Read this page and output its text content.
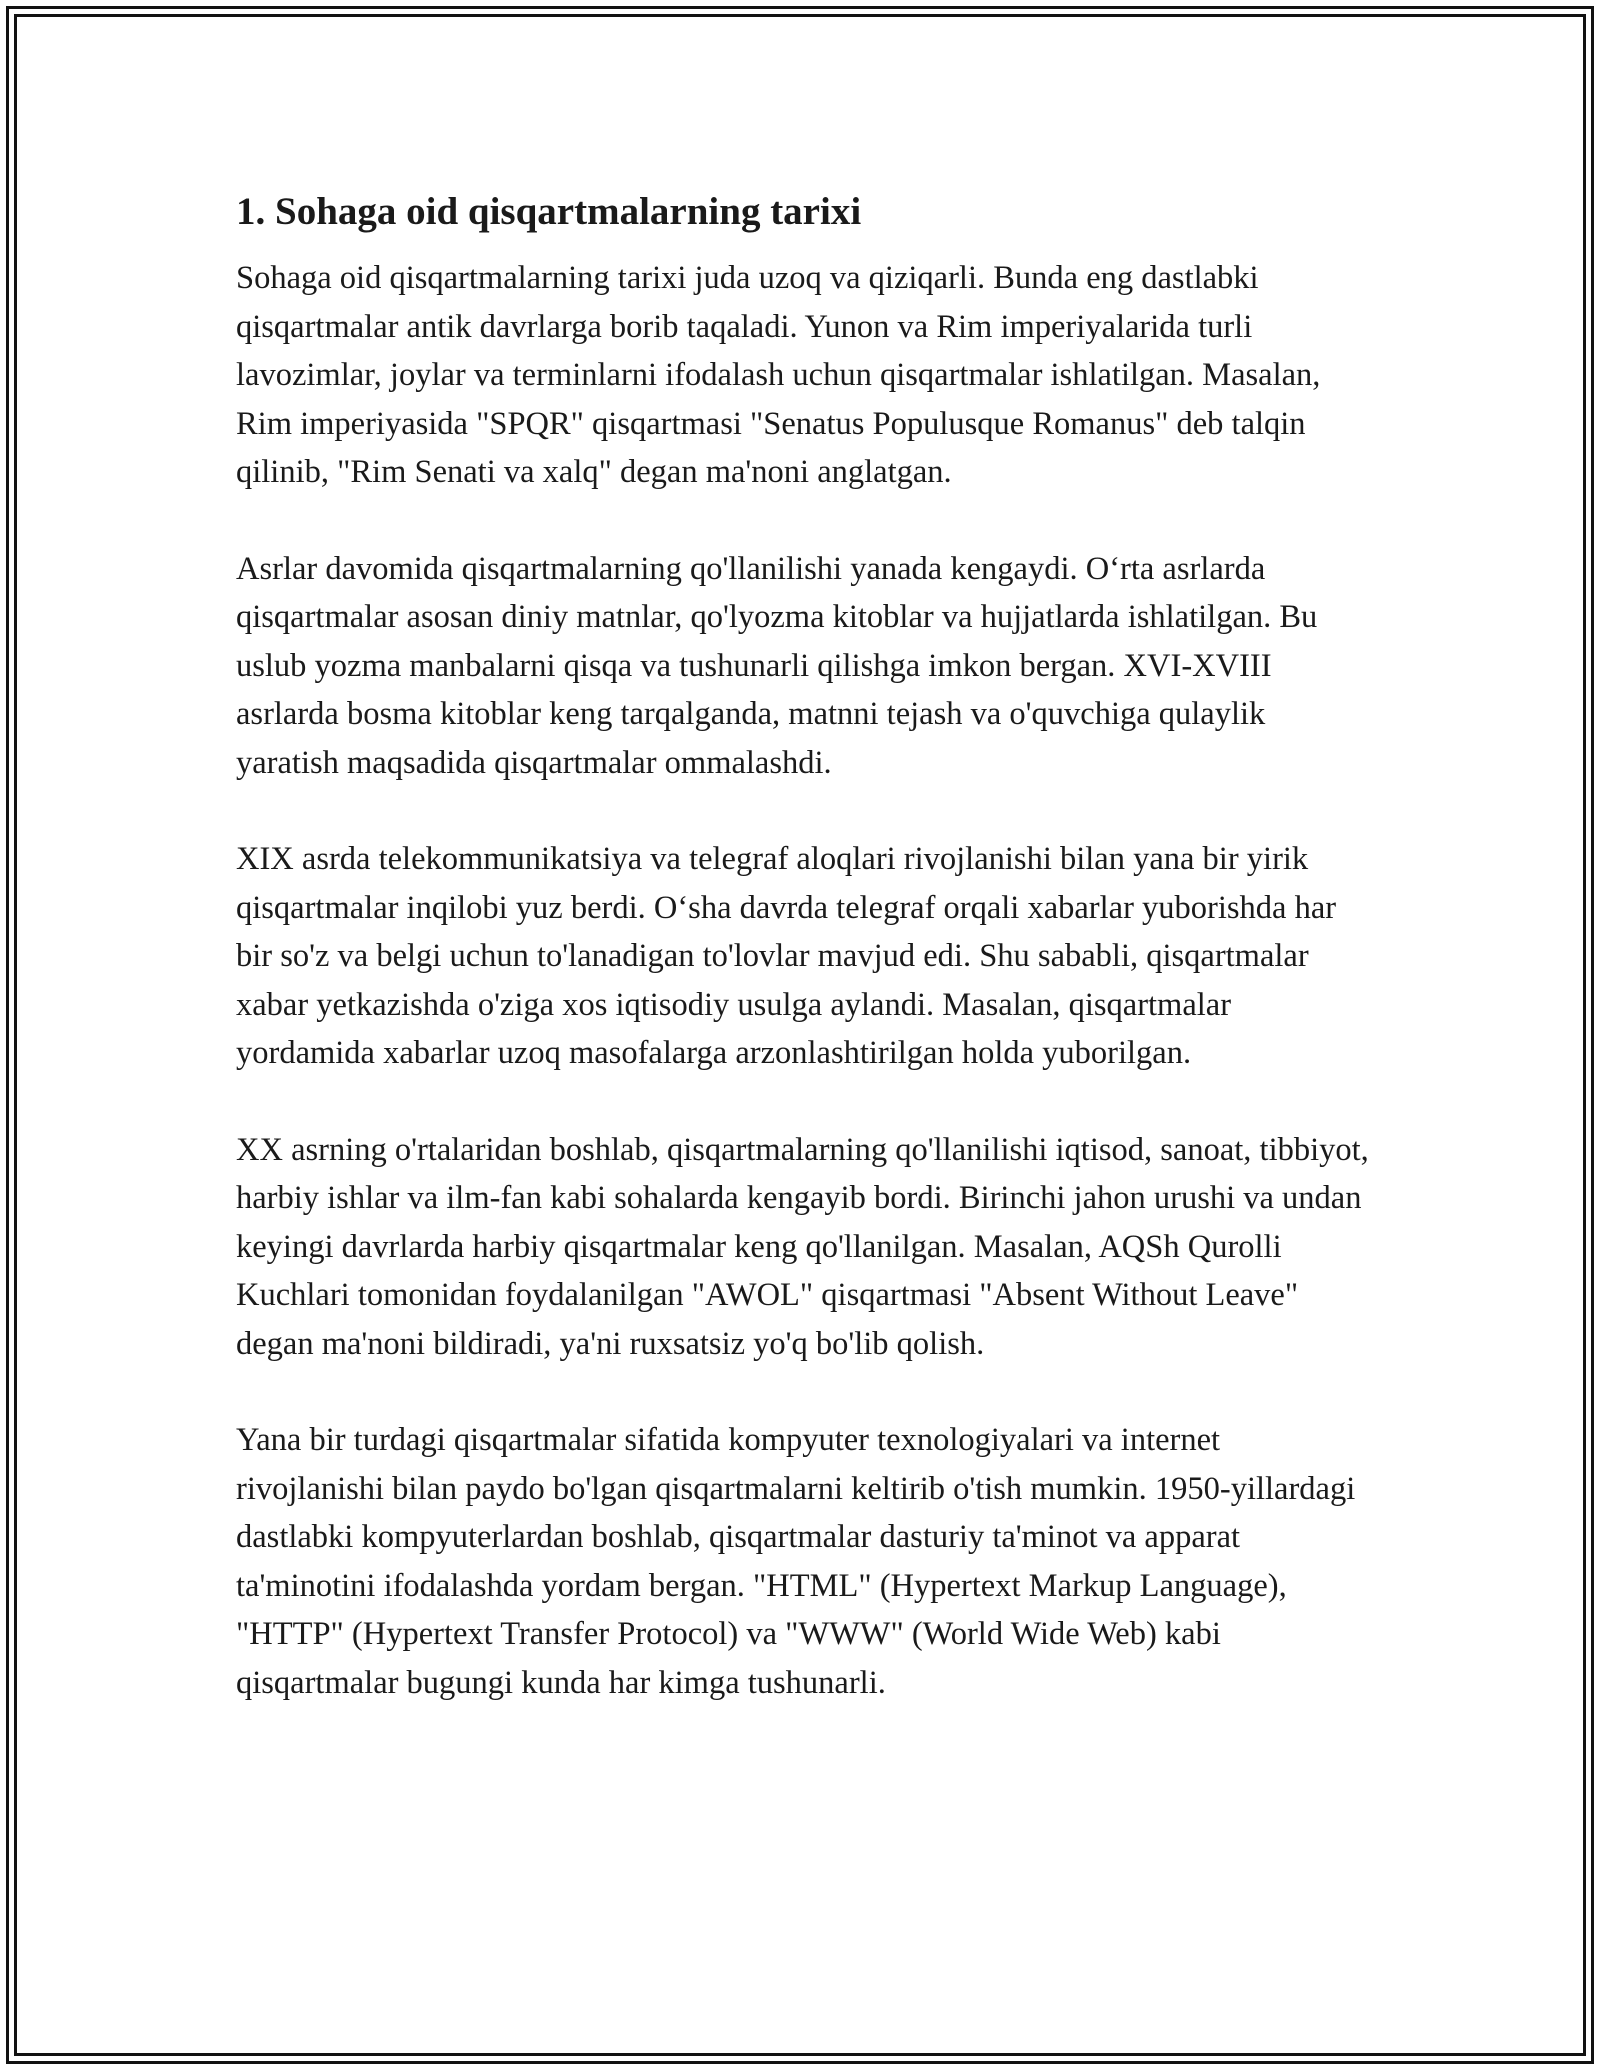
1. Sohaga oid qisqartmalarning tarixi

Sohaga oid qisqartmalarning tarixi juda uzoq va qiziqarli. Bunda eng dastlabki qisqartmalar antik davrlarga borib taqaladi. Yunon va Rim imperiyalarida turli lavozimlar, joylar va terminlarni ifodalash uchun qisqartmalar ishlatilgan. Masalan, Rim imperiyasida "SPQR" qisqartmasi "Senatus Populusque Romanus" deb talqin qilinib, "Rim Senati va xalq" degan ma'noni anglatgan.

Asrlar davomida qisqartmalarning qo'llanilishi yanada kengaydi. O‘rta asrlarda qisqartmalar asosan diniy matnlar, qo'lyozma kitoblar va hujjatlarda ishlatilgan. Bu uslub yozma manbalarni qisqa va tushunarli qilishga imkon bergan. XVI-XVIII asrlarda bosma kitoblar keng tarqalganda, matnni tejash va o'quvchiga qulaylik yaratish maqsadida qisqartmalar ommalashdi.

XIX asrda telekommunikatsiya va telegraf aloqlari rivojlanishi bilan yana bir yirik qisqartmalar inqilobi yuz berdi. O‘sha davrda telegraf orqali xabarlar yuborishda har bir so'z va belgi uchun to'lanadigan to'lovlar mavjud edi. Shu sababli, qisqartmalar xabar yetkazishda o'ziga xos iqtisodiy usulga aylandi. Masalan, qisqartmalar yordamida xabarlar uzoq masofalarga arzonlashtirilgan holda yuborilgan.

XX asrning o'rtalaridan boshlab, qisqartmalarning qo'llanilishi iqtisod, sanoat, tibbiyot, harbiy ishlar va ilm-fan kabi sohalarda kengayib bordi. Birinchi jahon urushi va undan keyingi davrlarda harbiy qisqartmalar keng qo'llanilgan. Masalan, AQSh Qurolli Kuchlari tomonidan foydalanilgan "AWOL" qisqartmasi "Absent Without Leave" degan ma'noni bildiradi, ya'ni ruxsatsiz yo'q bo'lib qolish.

Yana bir turdagi qisqartmalar sifatida kompyuter texnologiyalari va internet rivojlanishi bilan paydo bo'lgan qisqartmalarni keltirib o'tish mumkin. 1950-yillardagi dastlabki kompyuterlardan boshlab, qisqartmalar dasturiy ta'minot va apparat ta'minotini ifodalashda yordam bergan. "HTML" (Hypertext Markup Language), "HTTP" (Hypertext Transfer Protocol) va "WWW" (World Wide Web) kabi qisqartmalar bugungi kunda har kimga tushunarli.
